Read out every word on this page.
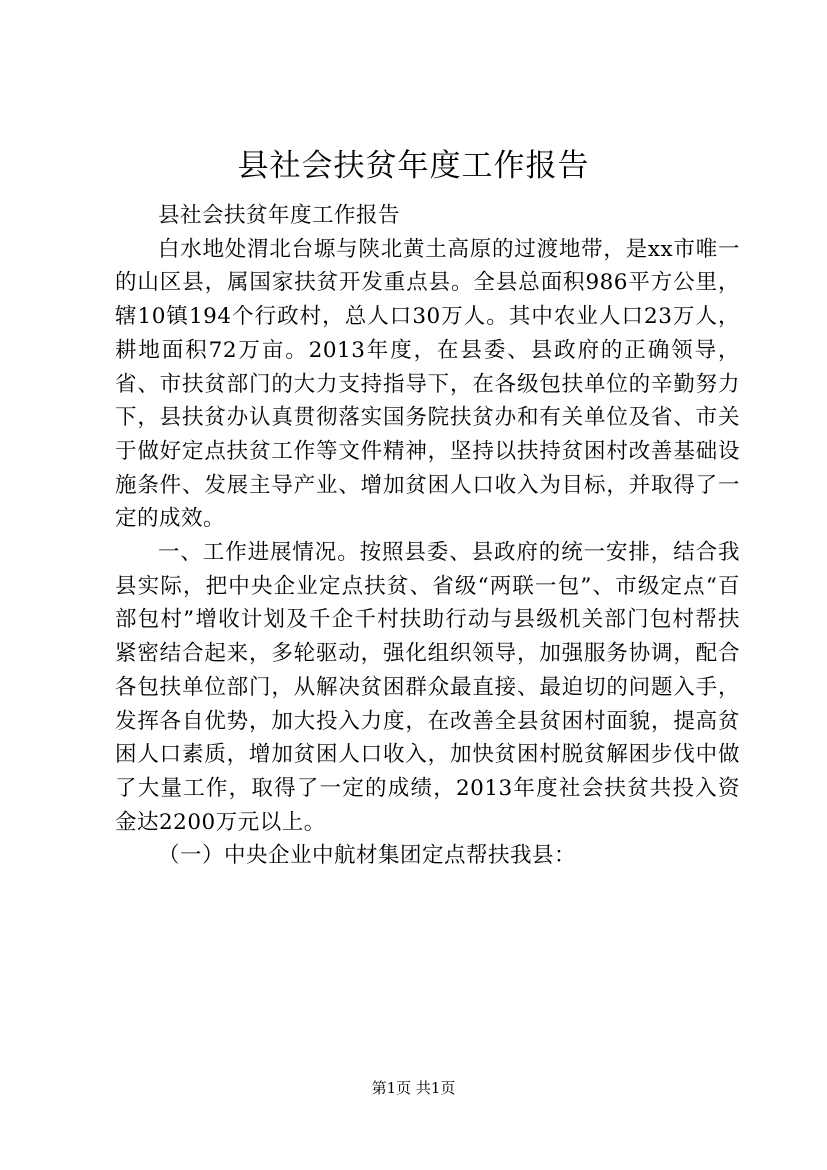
县社会扶贫年度工作报告

县社会扶贫年度工作报告

白水地处渭北台塬与陕北黄土高原的过渡地带，是xx市唯一的山区县，属国家扶贫开发重点县。全县总面积986平方公里，辖10镇194个行政村，总人口30万人。其中农业人口23万人，耕地面积72万亩。2013年度，在县委、县政府的正确领导，省、市扶贫部门的大力支持指导下，在各级包扶单位的辛勤努力下，县扶贫办认真贯彻落实国务院扶贫办和有关单位及省、市关于做好定点扶贫工作等文件精神，坚持以扶持贫困村改善基础设施条件、发展主导产业、增加贫困人口收入为目标，并取得了一定的成效。

一、工作进展情况。按照县委、县政府的统一安排，结合我县实际，把中央企业定点扶贫、省级“两联一包”、市级定点“百部包村”增收计划及千企千村扶助行动与县级机关部门包村帮扶紧密结合起来，多轮驱动，强化组织领导，加强服务协调，配合各包扶单位部门，从解决贫困群众最直接、最迫切的问题入手，发挥各自优势，加大投入力度，在改善全县贫困村面貌，提高贫困人口素质，增加贫困人口收入，加快贫困村脱贫解困步伐中做了大量工作，取得了一定的成绩，2013年度社会扶贫共投入资金达2200万元以上。

（一）中央企业中航材集团定点帮扶我县：

第1页 共1页
